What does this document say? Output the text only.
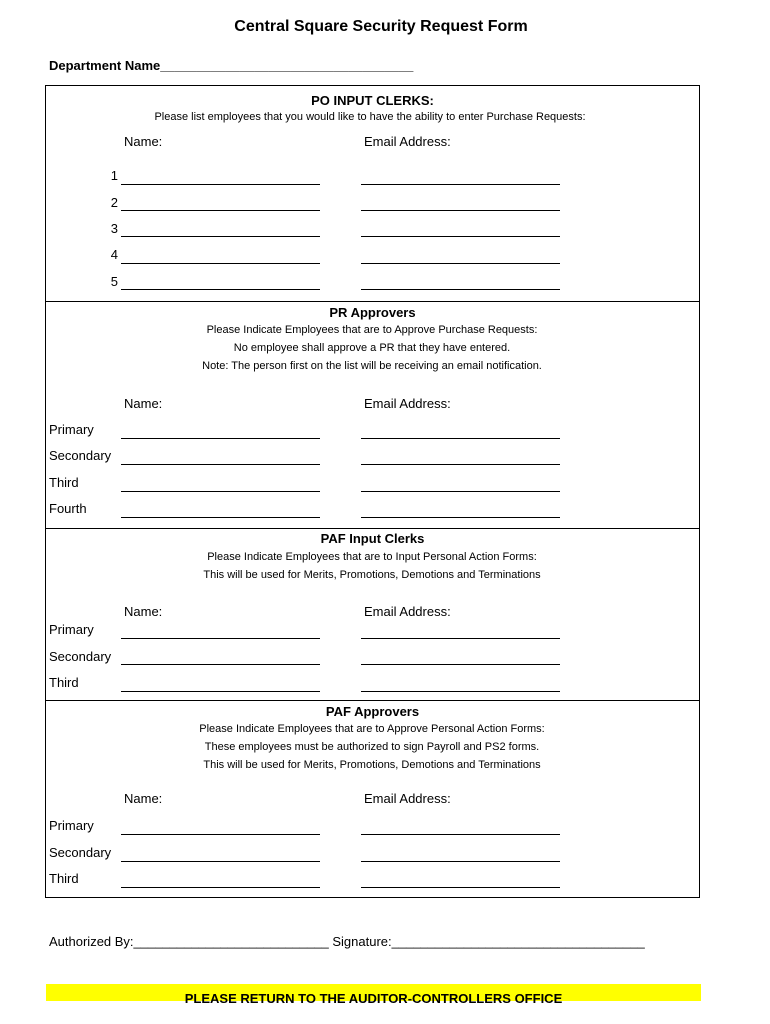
Central Square Security Request Form
Department Name___________________________________
PO INPUT CLERKS:
Please list employees that you would like to have the ability to enter Purchase Requests:
Name:	Email Address:
1
2
3
4
5
PR Approvers
Please Indicate Employees that are to Approve Purchase Requests:
No employee shall approve a PR that they have entered.
Note: The person first on the list will be receiving an email notification.
Name:	Email Address:
Primary
Secondary
Third
Fourth
PAF Input Clerks
Please Indicate Employees that are to Input Personal Action Forms:
This will be used for Merits, Promotions, Demotions and Terminations
Name:	Email Address:
Primary
Secondary
Third
PAF Approvers
Please Indicate Employees that are to Approve Personal Action Forms:
These employees must be authorized to sign Payroll and PS2 forms.
This will be used for Merits, Promotions, Demotions and Terminations
Name:	Email Address:
Primary
Secondary
Third
Authorized By:___________________________ Signature:___________________________________
PLEASE RETURN TO THE AUDITOR-CONTROLLERS OFFICE
